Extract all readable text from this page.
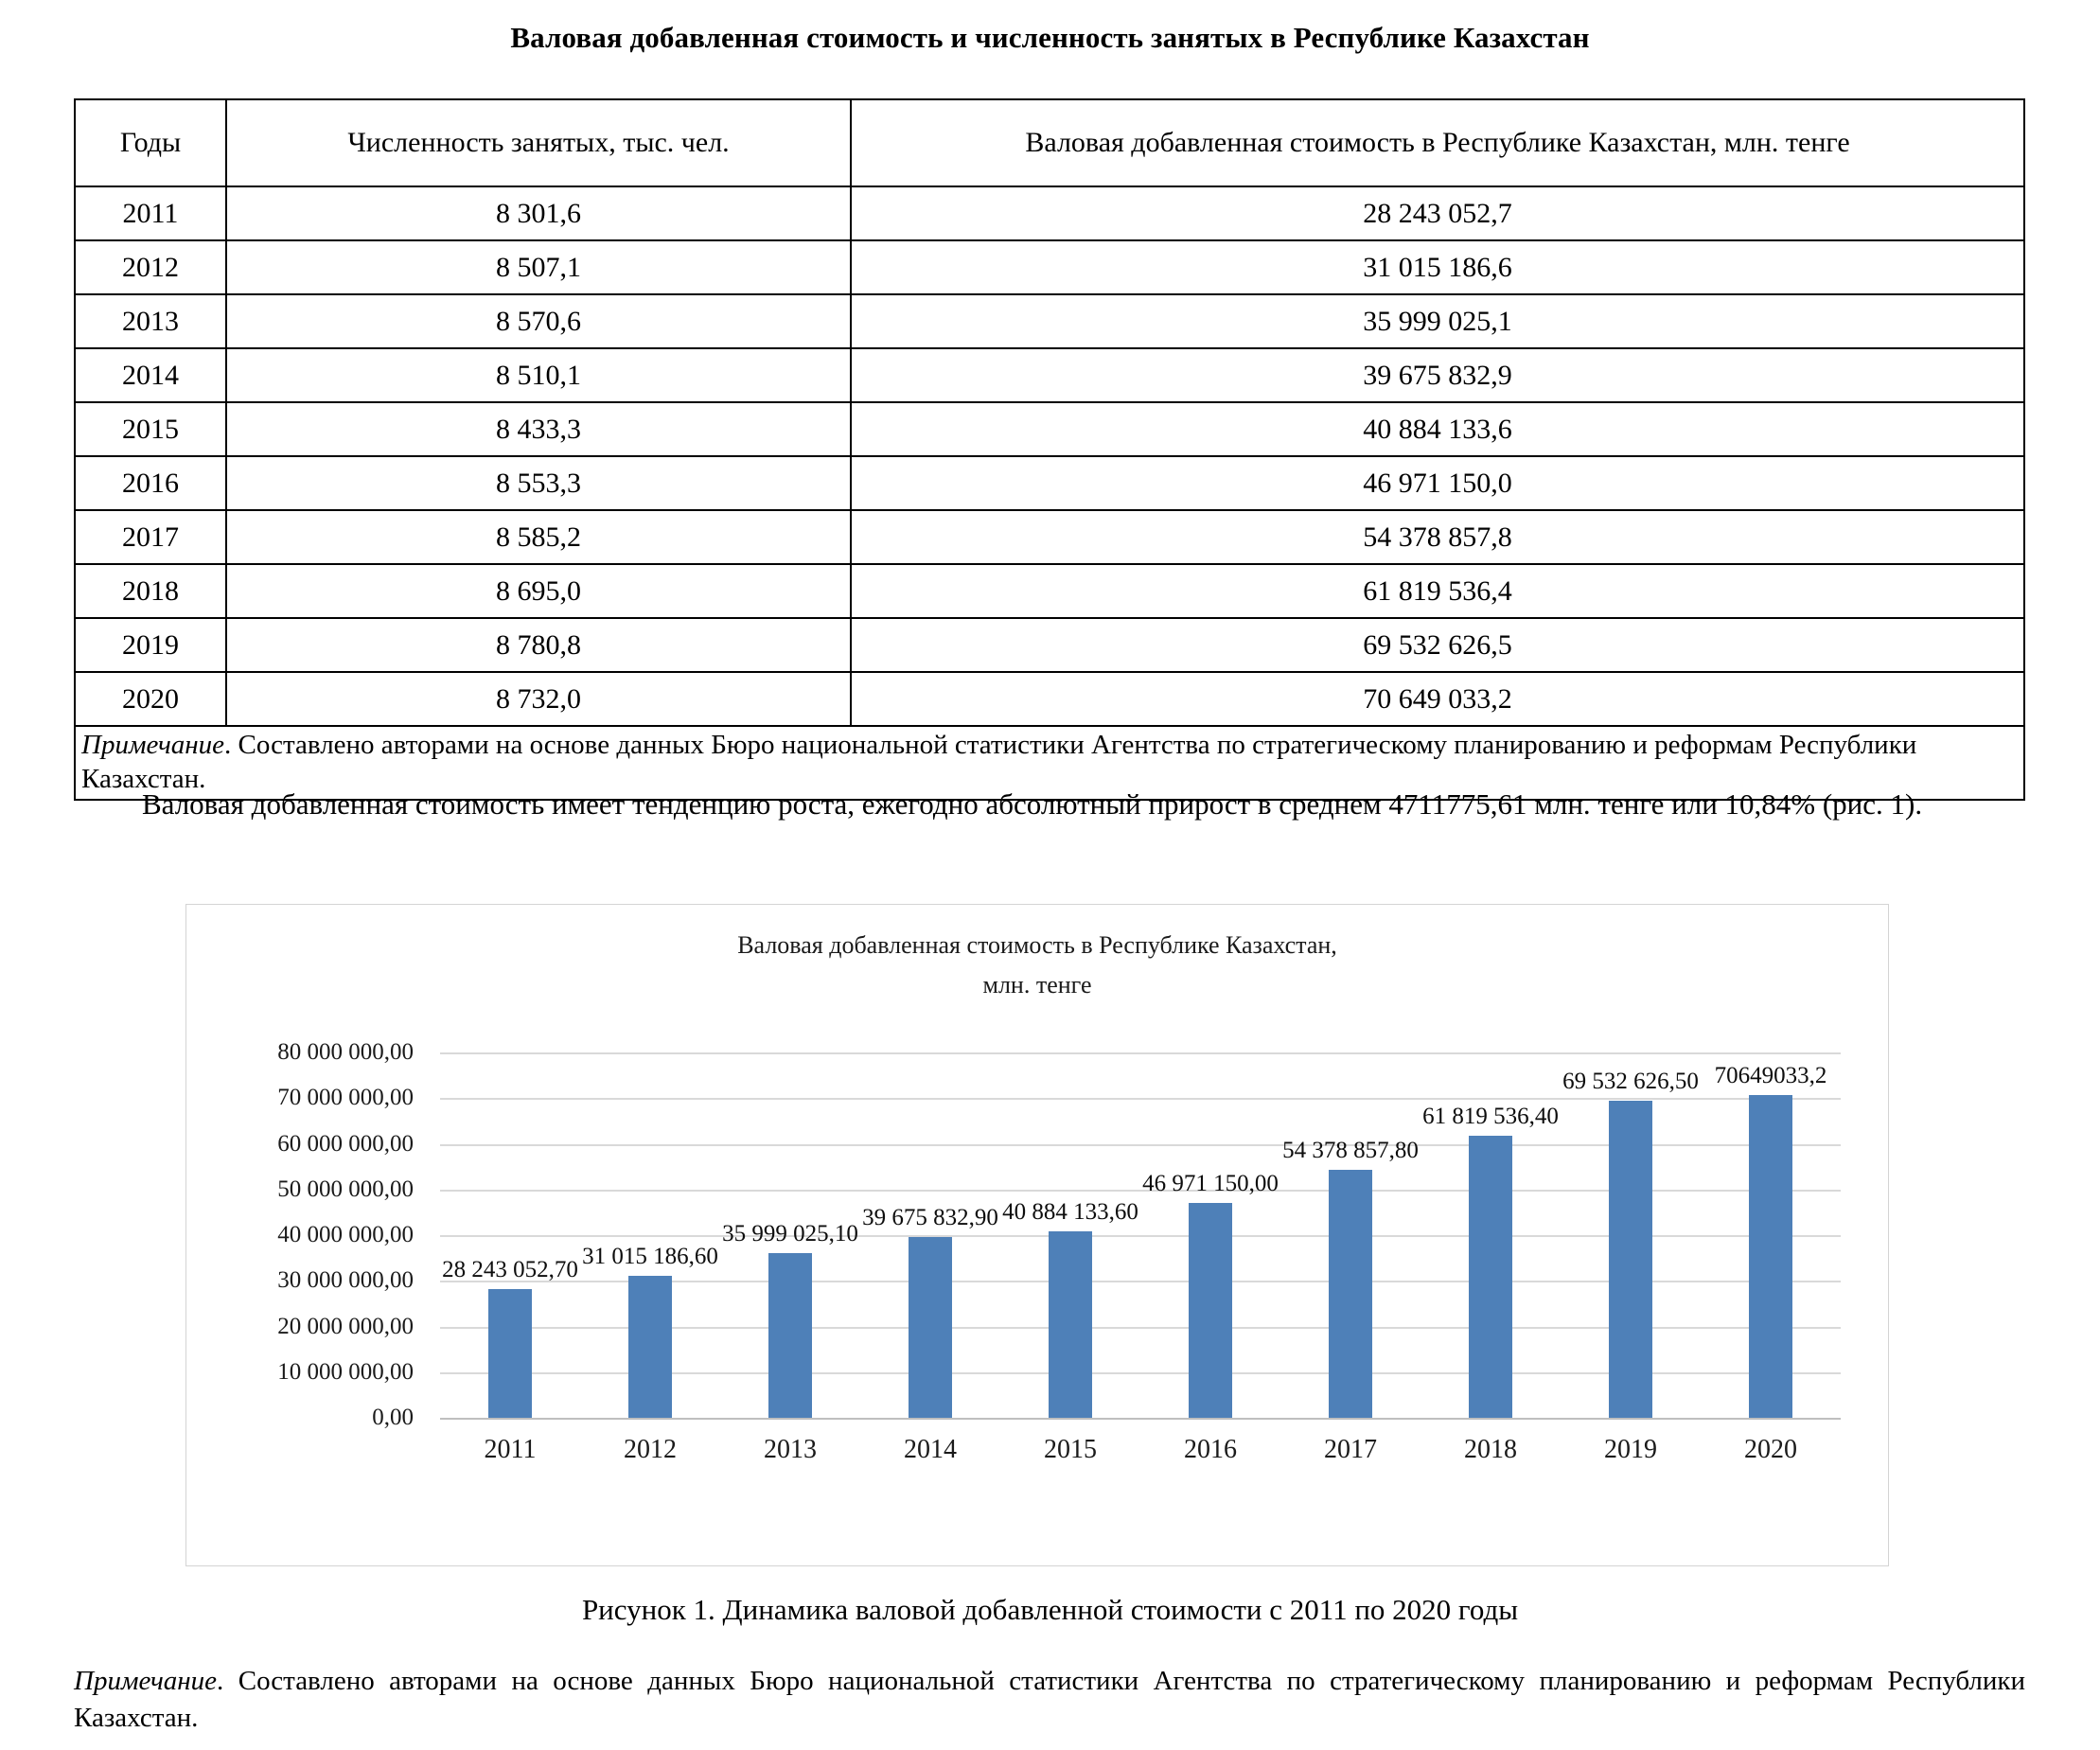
Валовая добавленная стоимость и численность занятых в Республике Казахстан
Годы	Численность занятых, тыс. чел.	Валовая добавленная стоимость в Республике Казахстан, млн. тенге
2011	8 301,6	28 243 052,7
2012	8 507,1	31 015 186,6
2013	8 570,6	35 999 025,1
2014	8 510,1	39 675 832,9
2015	8 433,3	40 884 133,6
2016	8 553,3	46 971 150,0
2017	8 585,2	54 378 857,8
2018	8 695,0	61 819 536,4
2019	8 780,8	69 532 626,5
2020	8 732,0	70 649 033,2
Примечание. Составлено авторами на основе данных Бюро национальной статистики Агентства по стратегическому планированию и реформам Республики Казахстан.		
Валовая добавленная стоимость имеет тенденцию роста, ежегодно абсолютный прирост в среднем 4711775,61 млн. тенге или 10,84% (рис. 1).
Валовая добавленная стоимость в Республике Казахстан,
млн. тенге
80 000 000,00
70 000 000,00
60 000 000,00
50 000 000,00
40 000 000,00
30 000 000,00
20 000 000,00
10 000 000,00
0,00
28 243 052,70 31 015 186,60
35 999 025,10
39 675 832,90 40 884 133,60
46 971 150,00
54 378 857,80
61 819 536,40
69 532 626,50 70649033,2
2011	2012	2013	2014	2015	2016	2017	2018	2019	2020
Рисунок 1. Динамика валовой добавленной стоимости с 2011 по 2020 годы
Примечание. Составлено авторами на основе данных Бюро национальной статистики Агентства по стратегическому планированию и реформам Республики Казахстан.
